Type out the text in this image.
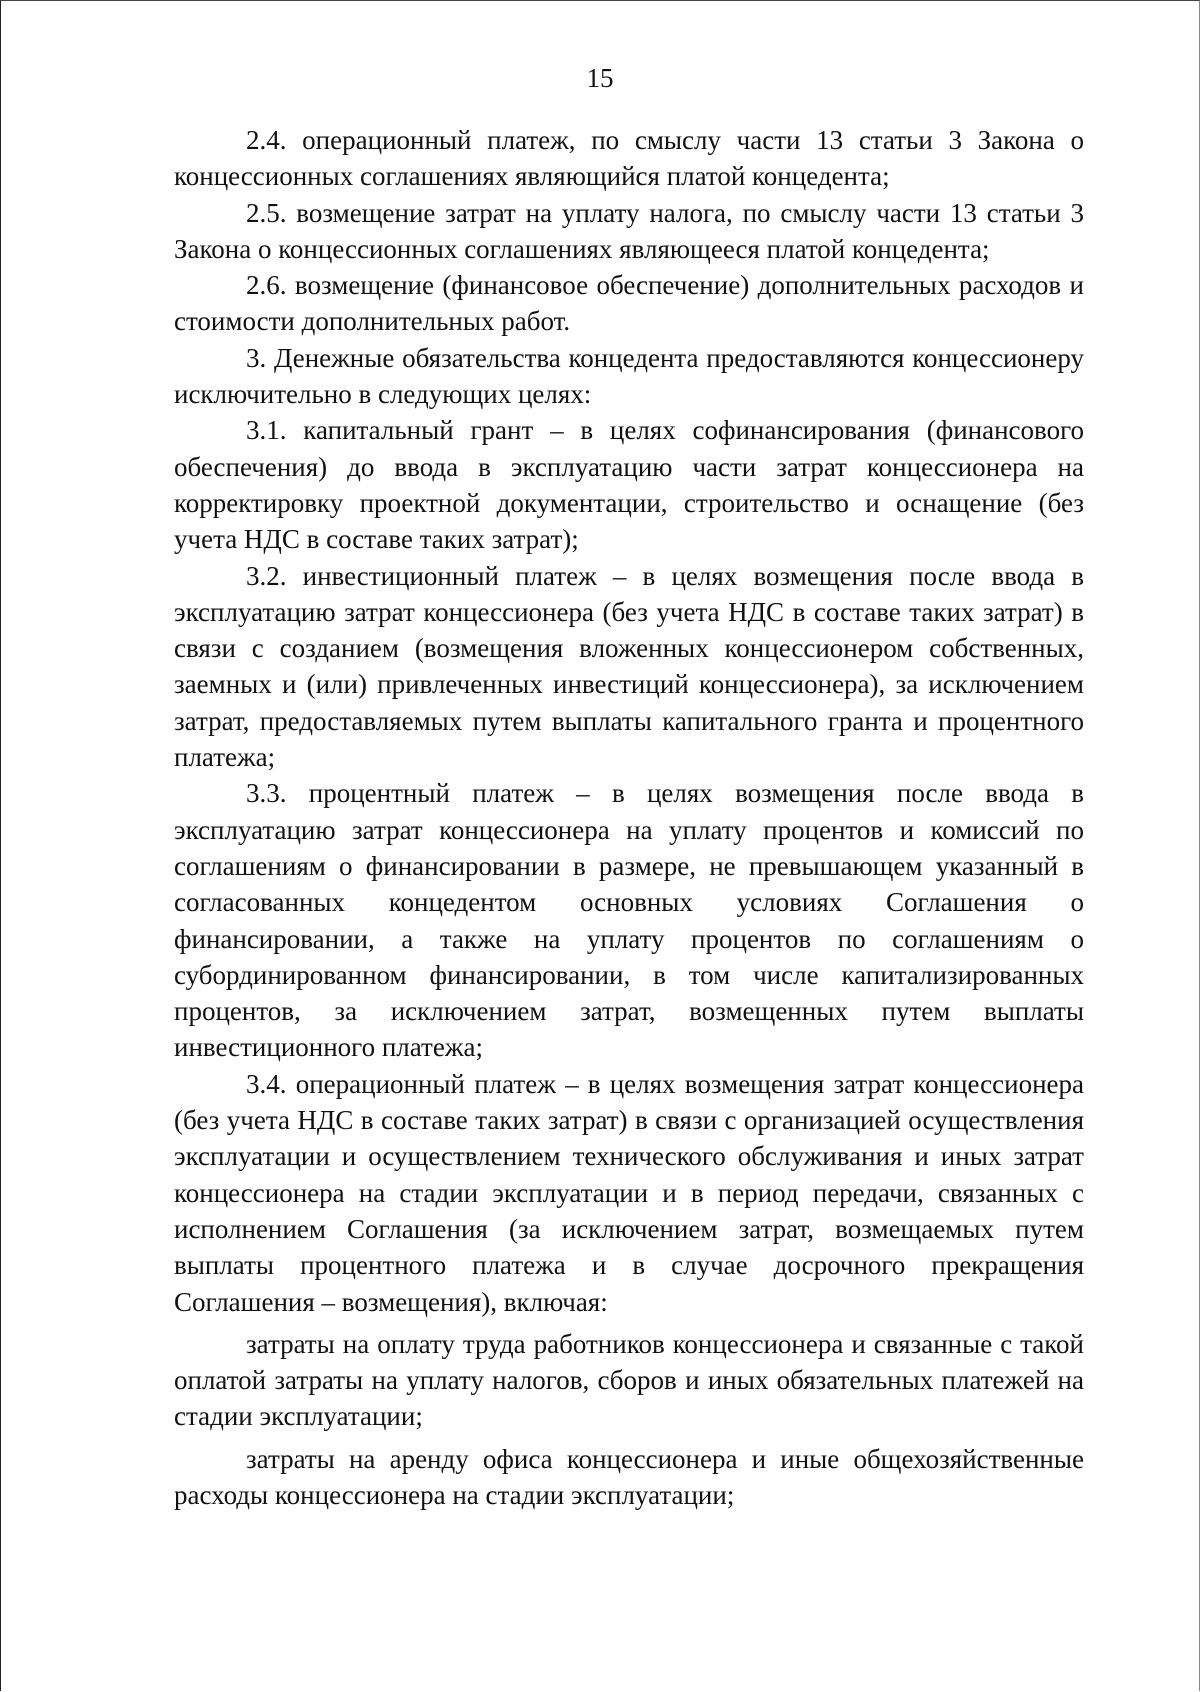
15

2.4. операционный платеж, по смыслу части 13 статьи 3 Закона о концессионных соглашениях являющийся платой концедента;

2.5. возмещение затрат на уплату налога, по смыслу части 13 статьи 3 Закона о концессионных соглашениях являющееся платой концедента;

2.6. возмещение (финансовое обеспечение) дополнительных расходов и стоимости дополнительных работ.

3. Денежные обязательства концедента предоставляются концессионеру исключительно в следующих целях:

3.1. капитальный грант – в целях софинансирования (финансового обеспечения) до ввода в эксплуатацию части затрат концессионера на корректировку проектной документации, строительство и оснащение (без учета НДС в составе таких затрат);

3.2. инвестиционный платеж – в целях возмещения после ввода в эксплуатацию затрат концессионера (без учета НДС в составе таких затрат) в связи с созданием (возмещения вложенных концессионером собственных, заемных и (или) привлеченных инвестиций концессионера), за исключением затрат, предоставляемых путем выплаты капитального гранта и процентного платежа;

3.3. процентный платеж – в целях возмещения после ввода в эксплуатацию затрат концессионера на уплату процентов и комиссий по соглашениям о финансировании в размере, не превышающем указанный в согласованных концедентом основных условиях Соглашения о финансировании, а также на уплату процентов по соглашениям о субординированном финансировании, в том числе капитализированных процентов, за исключением затрат, возмещенных путем выплаты инвестиционного платежа;

3.4. операционный платеж – в целях возмещения затрат концессионера (без учета НДС в составе таких затрат) в связи с организацией осуществления эксплуатации и осуществлением технического обслуживания и иных затрат концессионера на стадии эксплуатации и в период передачи, связанных с исполнением Соглашения (за исключением затрат, возмещаемых путем выплаты процентного платежа и в случае досрочного прекращения Соглашения – возмещения), включая:

затраты на оплату труда работников концессионера и связанные с такой оплатой затраты на уплату налогов, сборов и иных обязательных платежей на стадии эксплуатации;

затраты на аренду офиса концессионера и иные общехозяйственные расходы концессионера на стадии эксплуатации;
